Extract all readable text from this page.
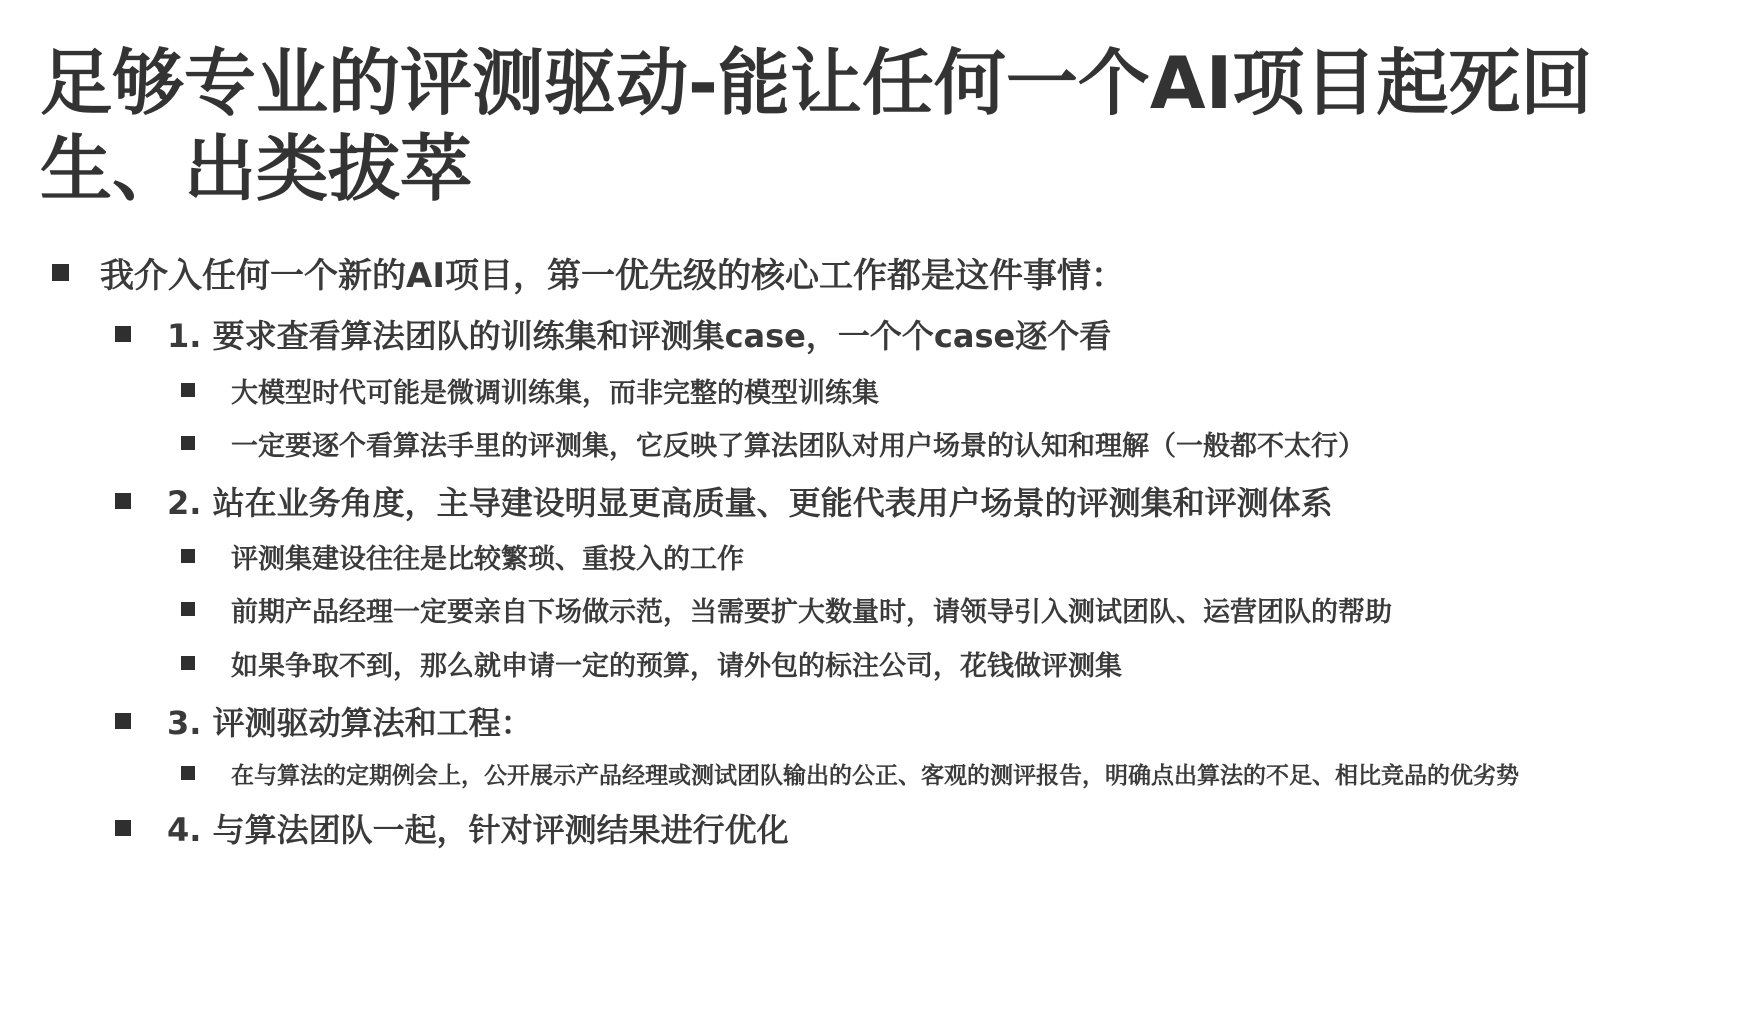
足够专业的评测驱动-能让任何一个AI项目起死回生、出类拔萃
我介入任何一个新的AI项目，第一优先级的核心工作都是这件事情：
1. 要求查看算法团队的训练集和评测集case，一个个case逐个看
大模型时代可能是微调训练集，而非完整的模型训练集
一定要逐个看算法手里的评测集，它反映了算法团队对用户场景的认知和理解（一般都不太行）
2. 站在业务角度，主导建设明显更高质量、更能代表用户场景的评测集和评测体系
评测集建设往往是比较繁琐、重投入的工作
前期产品经理一定要亲自下场做示范，当需要扩大数量时，请领导引入测试团队、运营团队的帮助
如果争取不到，那么就申请一定的预算，请外包的标注公司，花钱做评测集
3. 评测驱动算法和工程：
在与算法的定期例会上，公开展示产品经理或测试团队输出的公正、客观的测评报告，明确点出算法的不足、相比竞品的优劣势
4. 与算法团队一起，针对评测结果进行优化
